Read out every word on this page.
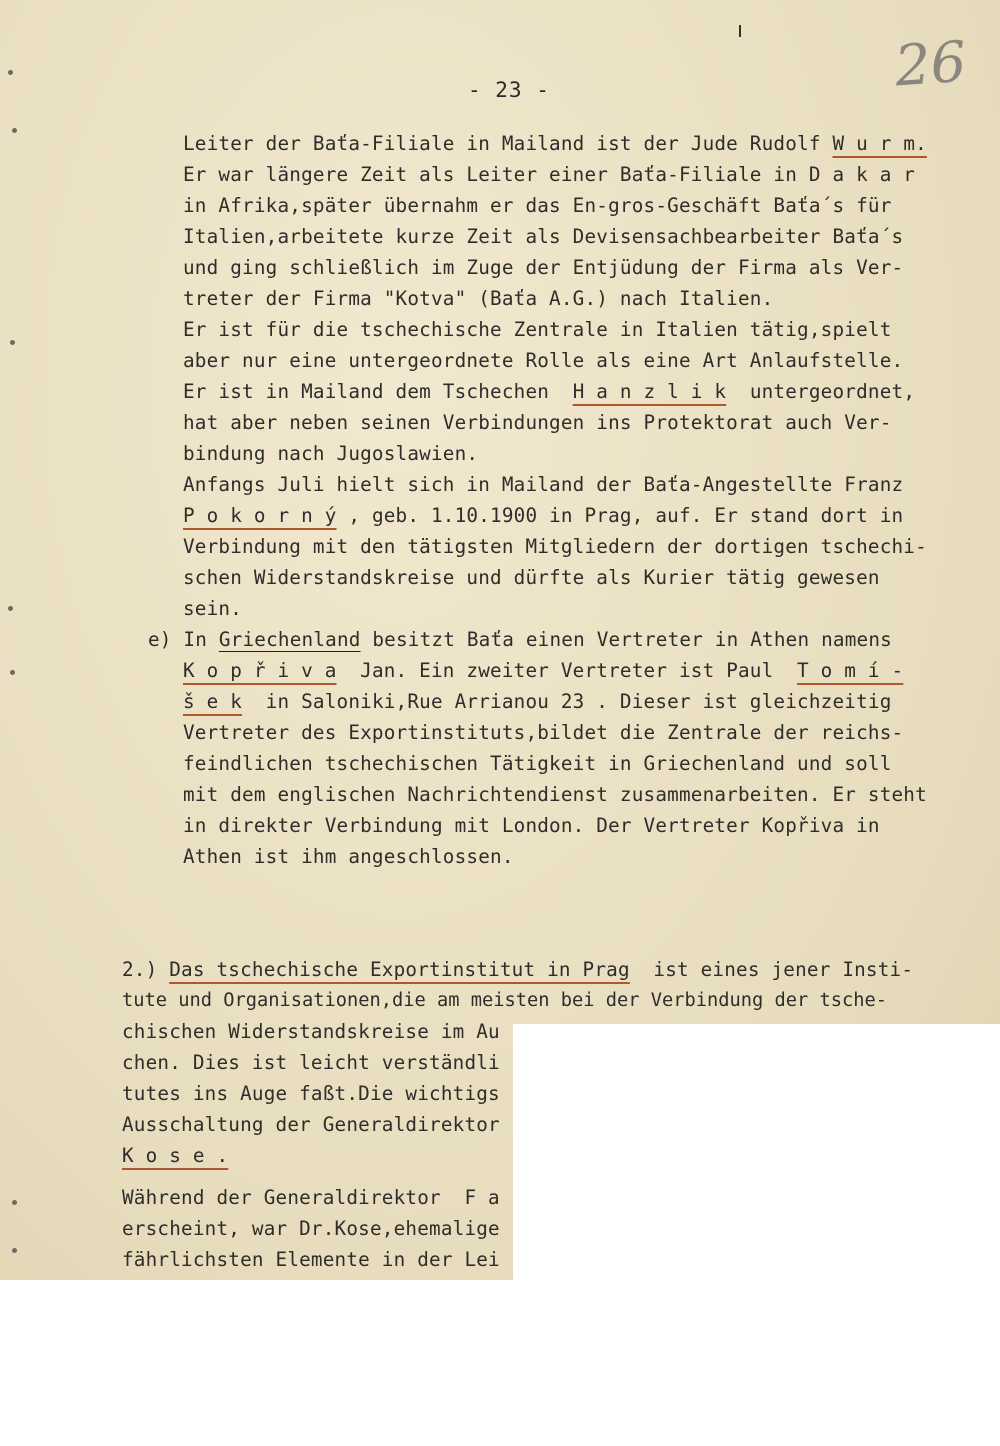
- 23 -	26
Leiter der Baťa-Filiale in Mailand ist der Jude Rudolf W u r m.
Er war längere Zeit als Leiter einer Baťa-Filiale in D a k a r
in Afrika,später übernahm er das En-gros-Geschäft Baťa´s für
Italien,arbeitete kurze Zeit als Devisensachbearbeiter Baťa´s
und ging schließlich im Zuge der Entjüdung der Firma als Ver-
treter der Firma "Kotva" (Baťa A.G.) nach Italien.
Er ist für die tschechische Zentrale in Italien tätig,spielt
aber nur eine untergeordnete Rolle als eine Art Anlaufstelle.
Er ist in Mailand dem Tschechen  H a n z l i k  untergeordnet,
hat aber neben seinen Verbindungen ins Protektorat auch Ver-
bindung nach Jugoslawien.
Anfangs Juli hielt sich in Mailand der Baťa-Angestellte Franz
P o k o r n ý , geb. 1.10.1900 in Prag, auf. Er stand dort in
Verbindung mit den tätigsten Mitgliedern der dortigen tschechi-
schen Widerstandskreise und dürfte als Kurier tätig gewesen
sein.
e) In Griechenland besitzt Baťa einen Vertreter in Athen namens
K o p ř i v a  Jan. Ein zweiter Vertreter ist Paul  T o m í -
š e k  in Saloniki,Rue Arrianou 23 . Dieser ist gleichzeitig
Vertreter des Exportinstituts,bildet die Zentrale der reichs-
feindlichen tschechischen Tätigkeit in Griechenland und soll
mit dem englischen Nachrichtendienst zusammenarbeiten. Er steht
in direkter Verbindung mit London. Der Vertreter Kopřiva in
Athen ist ihm angeschlossen.
2.) Das tschechische Exportinstitut in Prag  ist eines jener Insti-
tute und Organisationen,die am meisten bei der Verbindung der tsche-
chischen Widerstandskreise im Au
chen. Dies ist leicht verständli
tutes ins Auge faßt.Die wichtigs
Ausschaltung der Generaldirektor
K o s e .
Während der Generaldirektor  F a
erscheint, war Dr.Kose,ehemalige
fährlichsten Elemente in der Lei
